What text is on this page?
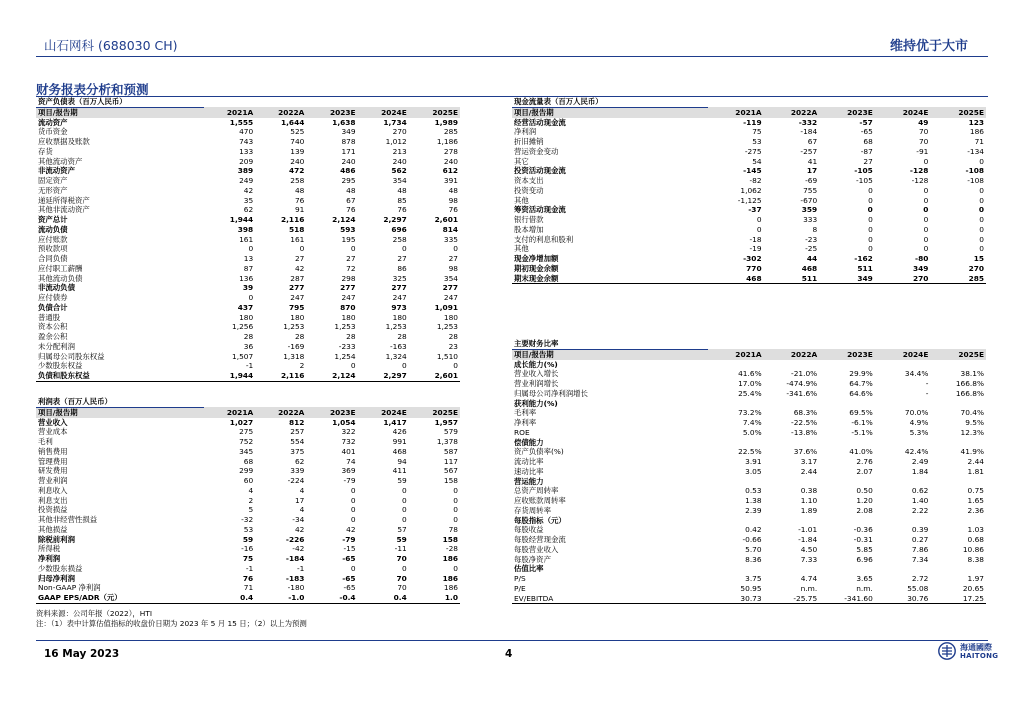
山石网科 (688030 CH)	维持优于大市
财务报表分析和预测
资产负债表（百万人民币）					
项目/报告期	2021A	2022A	2023E	2024E	2025E
流动资产	1,555	1,644	1,638	1,734	1,989
货币资金	470	525	349	270	285
应收票据及账款	743	740	878	1,012	1,186
存货	133	139	171	213	278
其他流动资产	209	240	240	240	240
非流动资产	389	472	486	562	612
固定资产	249	258	295	354	391
无形资产	42	48	48	48	48
递延所得税资产	35	76	67	85	98
其他非流动资产	62	91	76	76	76
资产总计	1,944	2,116	2,124	2,297	2,601
流动负债	398	518	593	696	814
应付账款	161	161	195	258	335
预收款项	0	0	0	0	0
合同负债	13	27	27	27	27
应付职工薪酬	87	42	72	86	98
其他流动负债	136	287	298	325	354
非流动负债	39	277	277	277	277
应付债券	0	247	247	247	247
负债合计	437	795	870	973	1,091
普通股	180	180	180	180	180
资本公积	1,256	1,253	1,253	1,253	1,253
盈余公积	28	28	28	28	28
未分配利润	36	-169	-233	-163	23
归属母公司股东权益	1,507	1,318	1,254	1,324	1,510
少数股东权益	-1	2	0	0	0
负债和股东权益	1,944	2,116	2,124	2,297	2,601
利润表（百万人民币）					
项目/报告期	2021A	2022A	2023E	2024E	2025E
营业收入	1,027	812	1,054	1,417	1,957
营业成本	275	257	322	426	579
毛利	752	554	732	991	1,378
销售费用	345	375	401	468	587
管理费用	68	62	74	94	117
研发费用	299	339	369	411	567
营业利润	60	-224	-79	59	158
利息收入	4	4	0	0	0
利息支出	2	17	0	0	0
投资损益	5	4	0	0	0
其他非经营性损益	-32	-34	0	0	0
其他损益	53	42	42	57	78
除税前利润	59	-226	-79	59	158
所得税	-16	-42	-15	-11	-28
净利润	75	-184	-65	70	186
少数股东损益	-1	-1	0	0	0
归母净利润	76	-183	-65	70	186
Non-GAAP 净利润	71	-180	-65	70	186
GAAP EPS/ADR（元）	0.4	-1.0	-0.4	0.4	1.0
现金流量表（百万人民币）					
项目/报告期	2021A	2022A	2023E	2024E	2025E
经营活动现金流	-119	-332	-57	49	123
净利润	75	-184	-65	70	186
折旧摊销	53	67	68	70	71
营运资金变动	-275	-257	-87	-91	-134
其它	54	41	27	0	0
投资活动现金流	-145	17	-105	-128	-108
资本支出	-82	-69	-105	-128	-108
投资变动	1,062	755	0	0	0
其他	-1,125	-670	0	0	0
筹资活动现金流	-37	359	0	0	0
银行借款	0	333	0	0	0
股本增加	0	8	0	0	0
支付的利息和股利	-18	-23	0	0	0
其他	-19	-25	0	0	0
现金净增加额	-302	44	-162	-80	15
期初现金余额	770	468	511	349	270
期末现金余额	468	511	349	270	285
主要财务比率					
项目/报告期	2021A	2022A	2023E	2024E	2025E
成长能力(%)					
营业收入增长	41.6%	-21.0%	29.9%	34.4%	38.1%
营业利润增长	17.0%	-474.9%	64.7%	-	166.8%
归属母公司净利润增长	25.4%	-341.6%	64.6%	-	166.8%
获利能力(%)					
毛利率	73.2%	68.3%	69.5%	70.0%	70.4%
净利率	7.4%	-22.5%	-6.1%	4.9%	9.5%
ROE	5.0%	-13.8%	-5.1%	5.3%	12.3%
偿债能力					
资产负债率(%)	22.5%	37.6%	41.0%	42.4%	41.9%
流动比率	3.91	3.17	2.76	2.49	2.44
速动比率	3.05	2.44	2.07	1.84	1.81
营运能力					
总资产周转率	0.53	0.38	0.50	0.62	0.75
应收账款周转率	1.38	1.10	1.20	1.40	1.65
存货周转率	2.39	1.89	2.08	2.22	2.36
每股指标（元）					
每股收益	0.42	-1.01	-0.36	0.39	1.03
每股经营现金流	-0.66	-1.84	-0.31	0.27	0.68
每股营业收入	5.70	4.50	5.85	7.86	10.86
每股净资产	8.36	7.33	6.96	7.34	8.38
估值比率					
P/S	3.75	4.74	3.65	2.72	1.97
P/E	50.95	n.m.	n.m.	55.08	20.65
EV/EBITDA	30.73	-25.75	-341.60	30.76	17.25
资料来源：公司年报（2022），HTI
注：（1）表中计算估值指标的收盘价日期为 2023 年 5 月 15 日；（2）以上为预测
16 May 2023	4
海通國際
HAITONG
